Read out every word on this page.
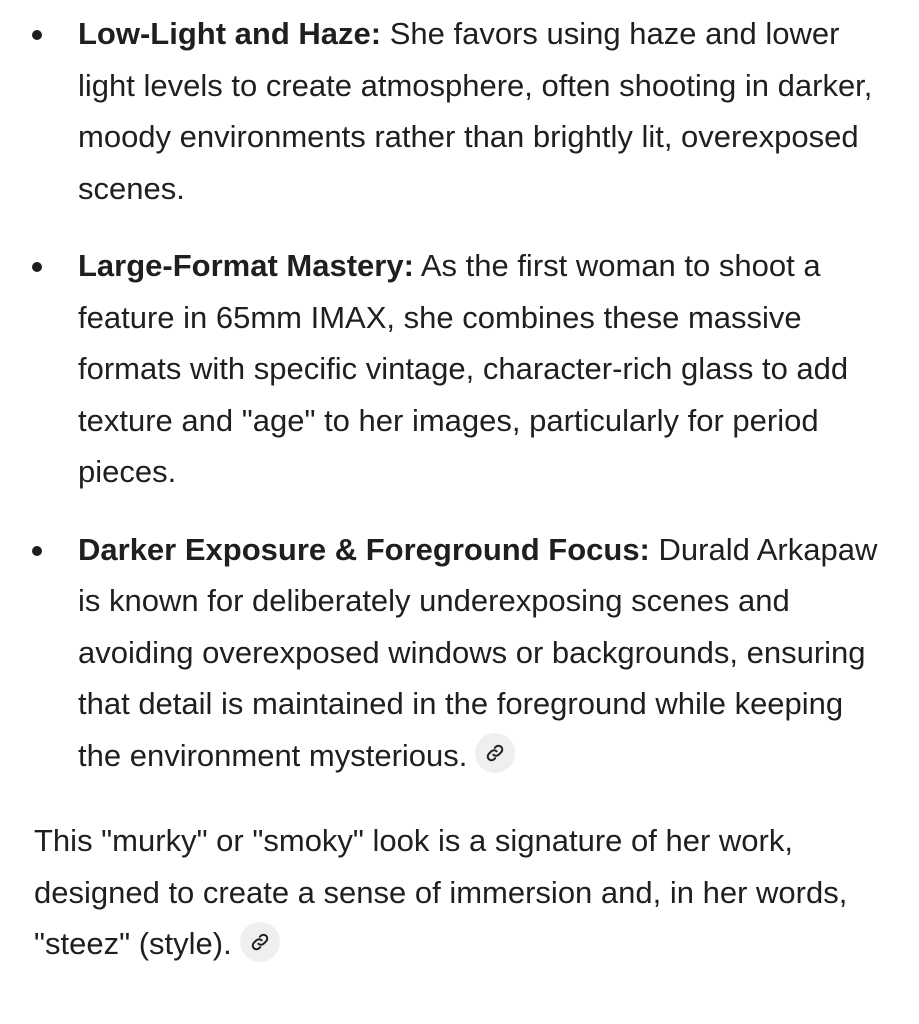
Low-Light and Haze: She favors using haze and lower light levels to create atmosphere, often shooting in darker, moody environments rather than brightly lit, overexposed scenes.
Large-Format Mastery: As the first woman to shoot a feature in 65mm IMAX, she combines these massive formats with specific vintage, character-rich glass to add texture and "age" to her images, particularly for period pieces.
Darker Exposure & Foreground Focus: Durald Arkapaw is known for deliberately underexposing scenes and avoiding overexposed windows or backgrounds, ensuring that detail is maintained in the foreground while keeping the environment mysterious.

This "murky" or "smoky" look is a signature of her work, designed to create a sense of immersion and, in her words, "steez" (style).
